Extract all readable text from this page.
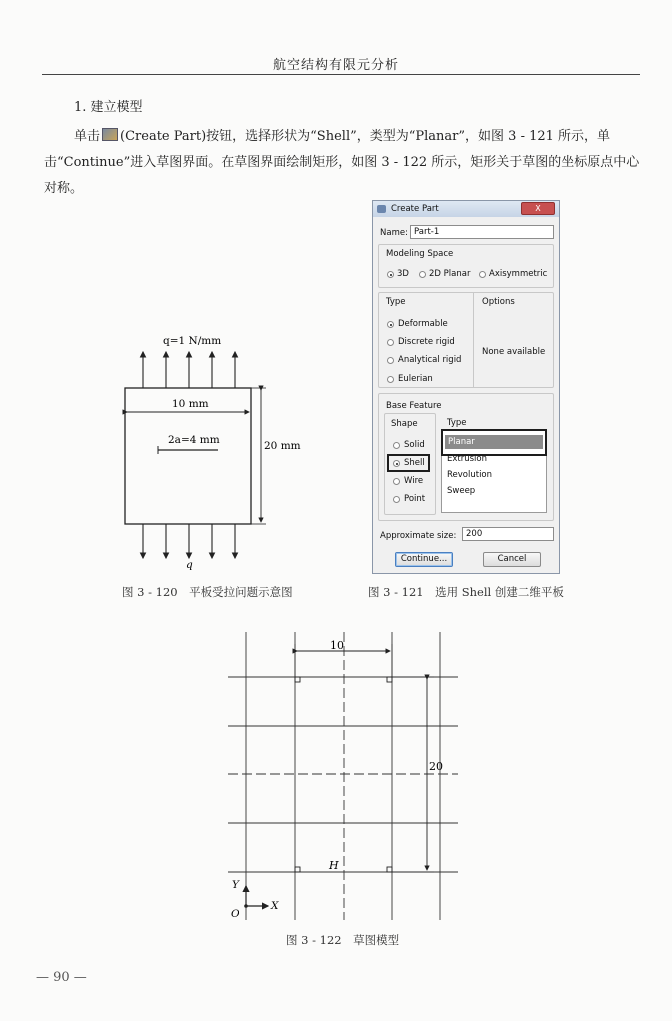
航空结构有限元分析
1. 建立模型
单击 (Create Part)按钮，选择形状为“Shell”，类型为“Planar”，如图 3 - 121 所示，单击“Continue”进入草图界面。在草图界面绘制矩形，如图 3 - 122 所示，矩形关于草图的坐标原点中心对称。
q=1 N/mm
10 mm
2a=4 mm	20 mm
q
图 3 - 120　平板受拉问题示意图
Create Part	X
Name: Part-1
Modeling Space
3D 2D Planar Axisymmetric
Type	Options
Deformable
Discrete rigid
Analytical rigid
Eulerian
None available
Base Feature
Shape
Solid
Shell
Wire
Point
Type
Planar
Extrusion
Revolution
Sweep
Approximate size:	200
Continue...	Cancel
图 3 - 121　选用 Shell 创建二维平板
10
20
H
Y
X
O
图 3 - 122　草图模型
— 90 —
